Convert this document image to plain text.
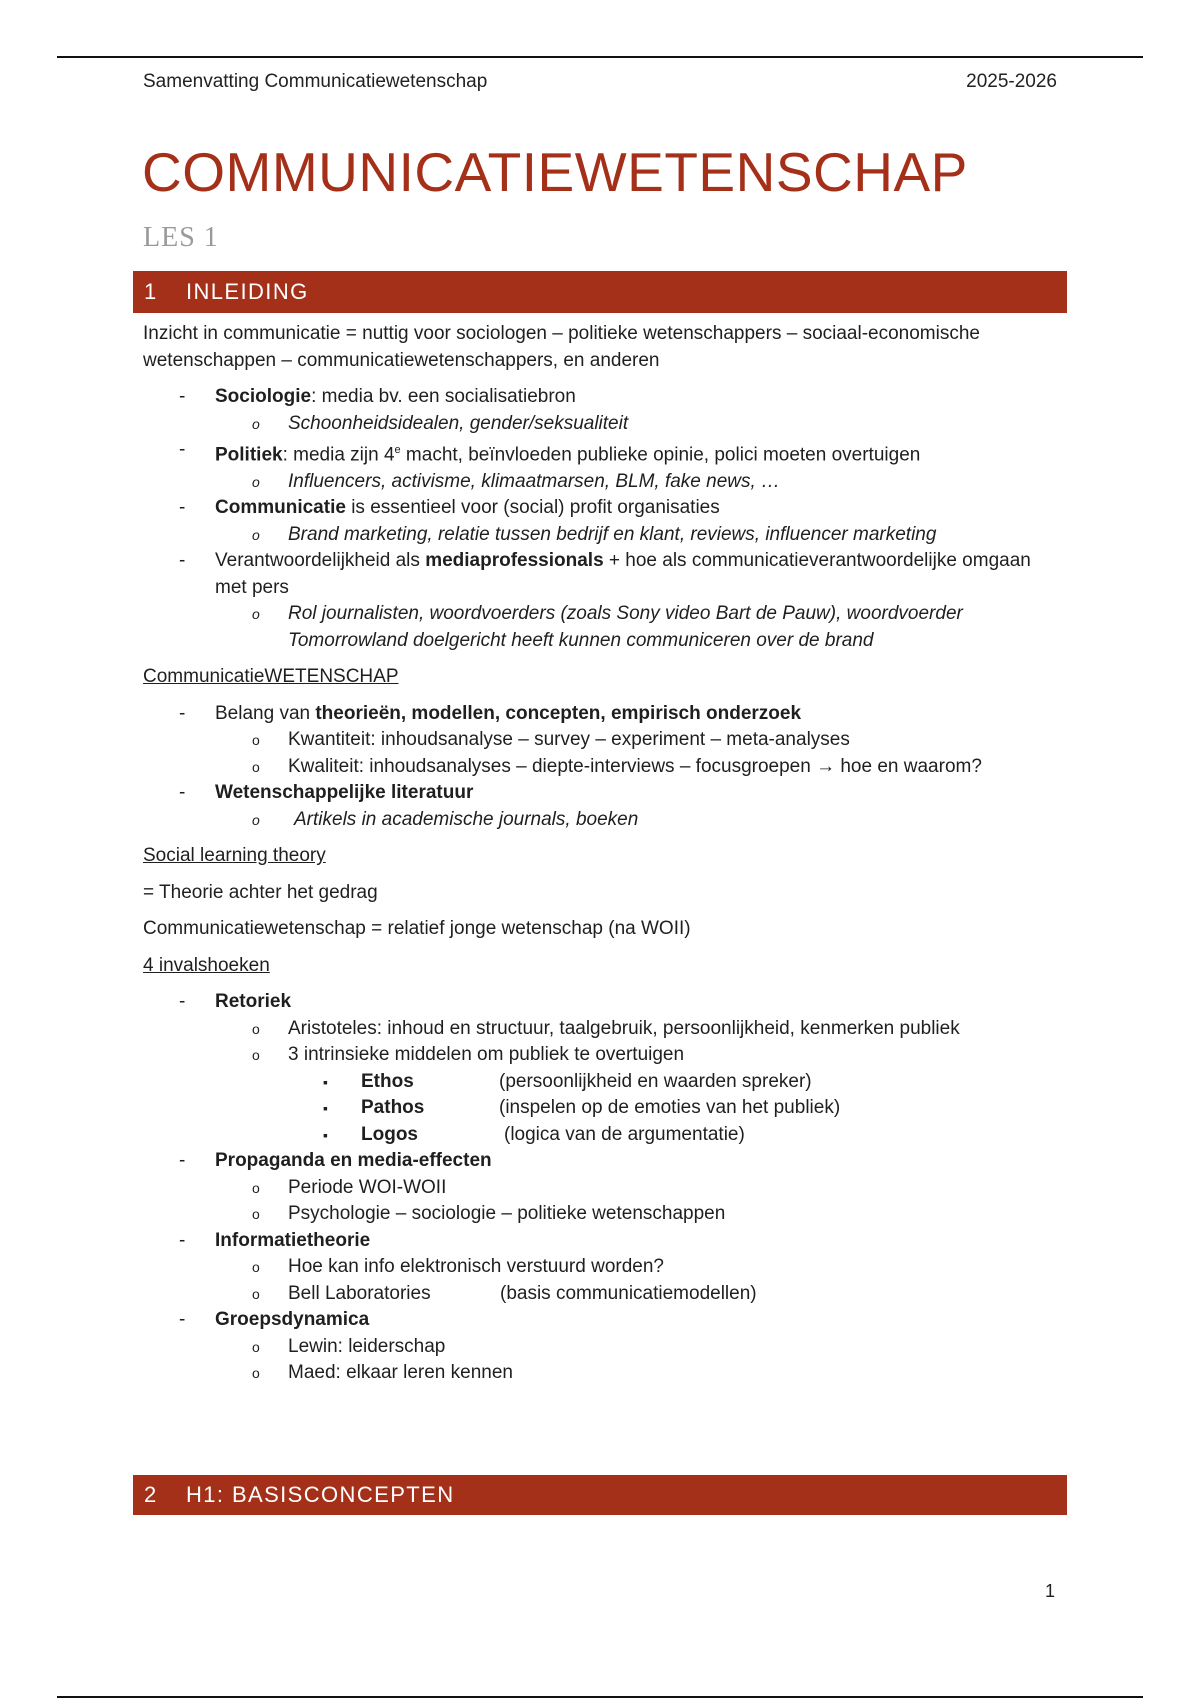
Samenvatting Communicatiewetenschap	2025-2026
COMMUNICATIEWETENSCHAP
LES 1
1 INLEIDING

Inzicht in communicatie = nuttig voor sociologen – politieke wetenschappers – sociaal-economische wetenschappen – communicatiewetenschappers, en anderen

- Sociologie: media bv. een socialisatiebron
o Schoonheidsidealen, gender/seksualiteit
- Politiek: media zijn 4e macht, beïnvloeden publieke opinie, polici moeten overtuigen
o Influencers, activisme, klimaatmarsen, BLM, fake news, …
- Communicatie is essentieel voor (social) profit organisaties
o Brand marketing, relatie tussen bedrijf en klant, reviews, influencer marketing
- Verantwoordelijkheid als mediaprofessionals + hoe als communicatieverantwoordelijke omgaan met pers
o Rol journalisten, woordvoerders (zoals Sony video Bart de Pauw), woordvoerder Tomorrowland doelgericht heeft kunnen communiceren over de brand

CommunicatieWETENSCHAP

- Belang van theorieën, modellen, concepten, empirisch onderzoek
o Kwantiteit: inhoudsanalyse – survey – experiment – meta-analyses
o Kwaliteit: inhoudsanalyses – diepte-interviews – focusgroepen → hoe en waarom?
- Wetenschappelijke literatuur
o Artikels in academische journals, boeken

Social learning theory

= Theorie achter het gedrag

Communicatiewetenschap = relatief jonge wetenschap (na WOII)

4 invalshoeken

- Retoriek
o Aristoteles: inhoud en structuur, taalgebruik, persoonlijkheid, kenmerken publiek
o 3 intrinsieke middelen om publiek te overtuigen
▪ Ethos	(persoonlijkheid en waarden spreker)
▪ Pathos	(inspelen op de emoties van het publiek)
▪ Logos	(logica van de argumentatie)
- Propaganda en media-effecten
o Periode WOI-WOII
o Psychologie – sociologie – politieke wetenschappen
- Informatietheorie
o Hoe kan info elektronisch verstuurd worden?
o Bell Laboratories	(basis communicatiemodellen)
- Groepsdynamica
o Lewin: leiderschap
o Maed: elkaar leren kennen
2 H1: BASISCONCEPTEN
1
